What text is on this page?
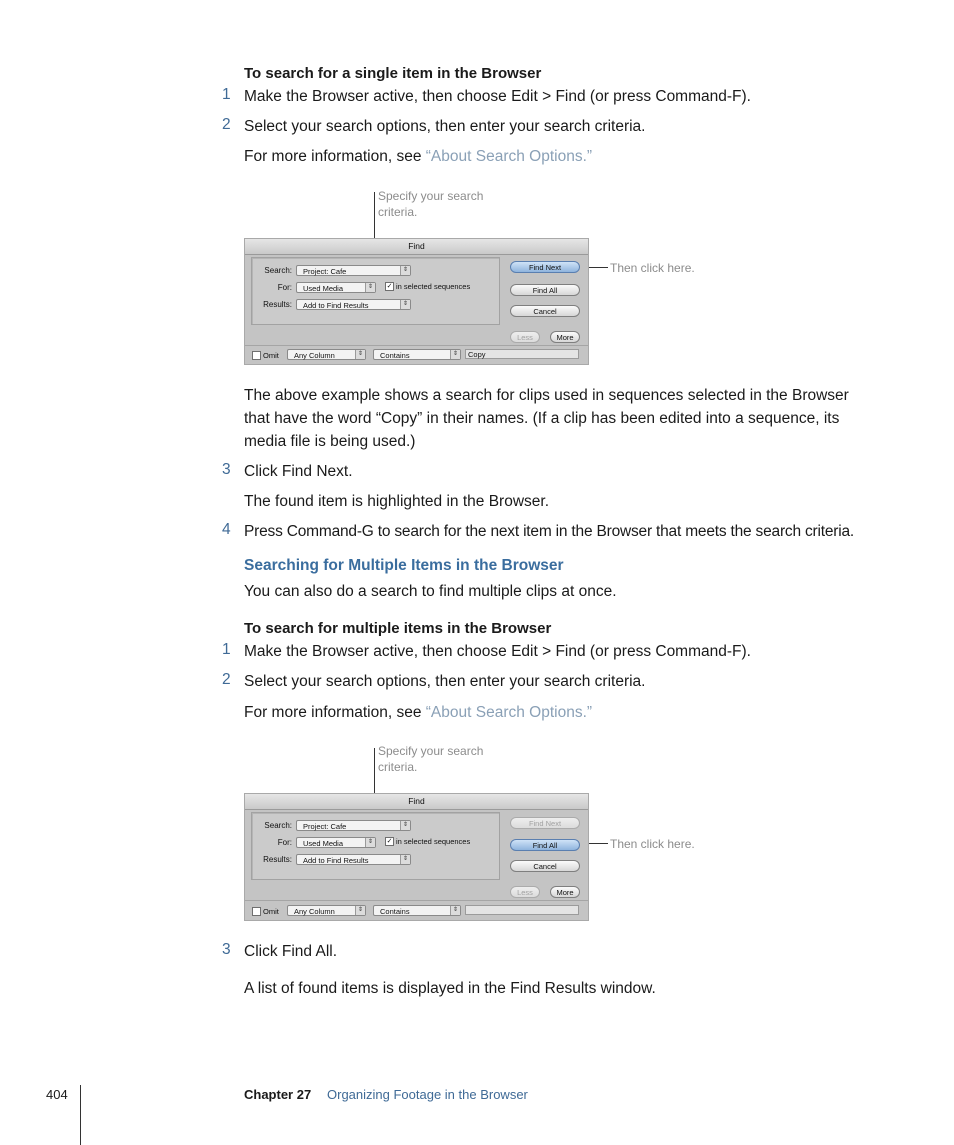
To search for a single item in the Browser
1 Make the Browser active, then choose Edit > Find (or press Command-F).
2 Select your search options, then enter your search criteria.
For more information, see “About Search Options.”
Specify your search criteria.
Then click here.
Find
Search:	Project: Cafe	⇕
For:	Used Media	⇕ ✓ in selected sequences
Results:	Add to Find Results	⇕
Find Next
Find All
Cancel
Less	More
Omit	Any Column	⇕	Contains	⇕	Copy
The above example shows a search for clips used in sequences selected in the Browser that have the word “Copy” in their names. (If a clip has been edited into a sequence, its media file is being used.)
3 Click Find Next.
The found item is highlighted in the Browser.
4 Press Command-G to search for the next item in the Browser that meets the search criteria.
Searching for Multiple Items in the Browser
You can also do a search to find multiple clips at once.
To search for multiple items in the Browser
1 Make the Browser active, then choose Edit > Find (or press Command-F).
2 Select your search options, then enter your search criteria.
For more information, see “About Search Options.”
Specify your search criteria.
Then click here.
Find
Search:	Project: Cafe	⇕
For:	Used Media	⇕ ✓ in selected sequences
Results:	Add to Find Results	⇕
Find Next
Find All
Cancel
Less	More
Omit	Any Column	⇕	Contains	⇕
3 Click Find All.
A list of found items is displayed in the Find Results window.
404	Chapter 27 Organizing Footage in the Browser
